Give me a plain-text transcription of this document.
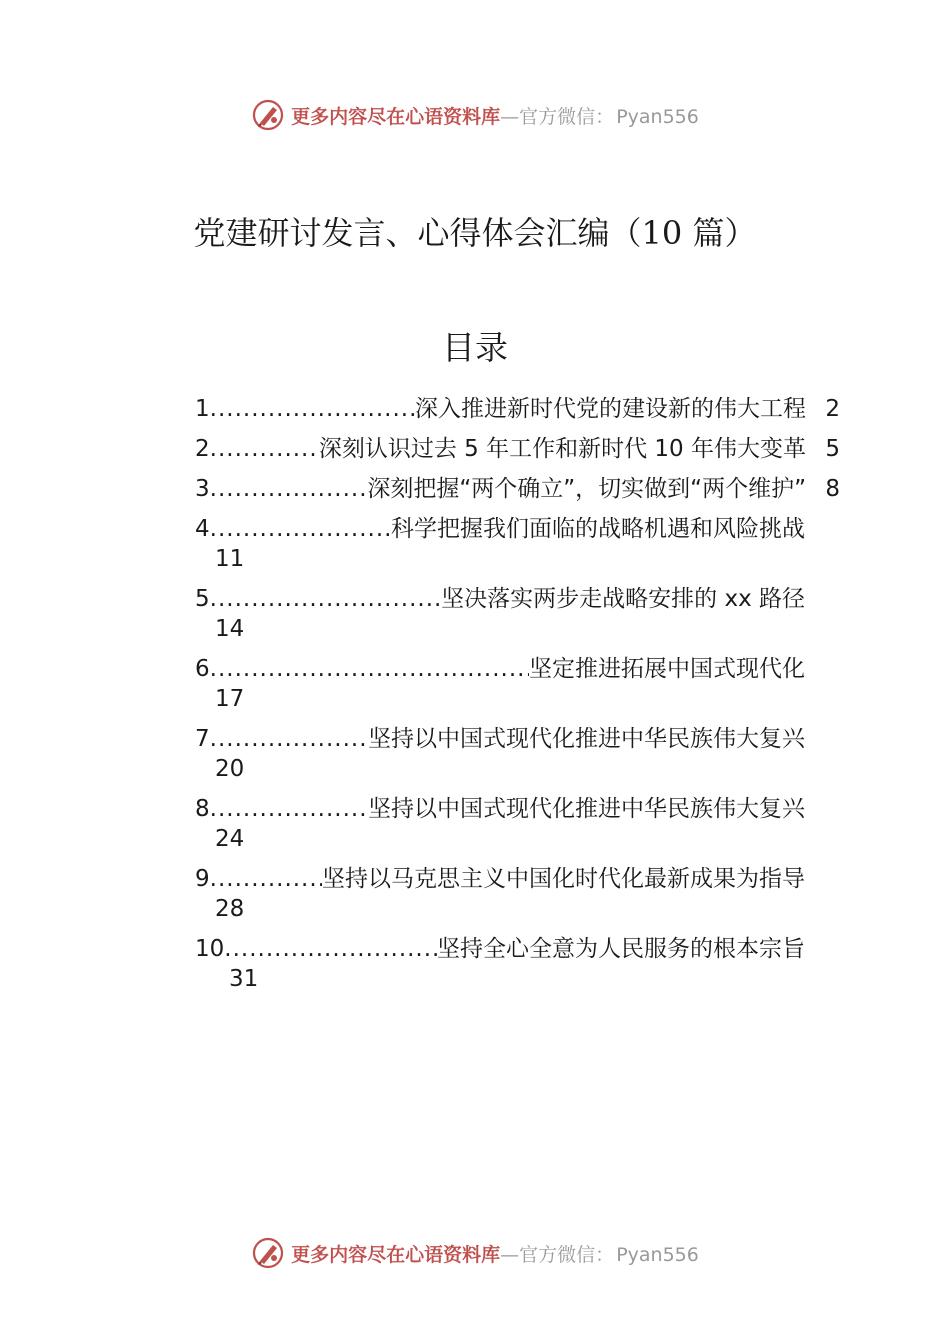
更多内容尽在心语资料库—官方微信： Pyan556
党建研讨发言、心得体会汇编（10 篇）
目录
1 .....	深入推进新时代党的建设新的伟大工程 2
2 .....	深刻认识过去 5 年工作和新时代 10 年伟大变革 5
3 .....	深刻把握“两个确立”，切实做到“两个维护” 8
4 .....	科学把握我们面临的战略机遇和风险挑战
11
5 .....	坚决落实两步走战略安排的 xx 路径
14
6 .....	坚定推进拓展中国式现代化
17
7 .....	坚持以中国式现代化推进中华民族伟大复兴
20
8 .....	坚持以中国式现代化推进中华民族伟大复兴
24
9 .....	坚持以马克思主义中国化时代化最新成果为指导
28
10 .....	坚持全心全意为人民服务的根本宗旨
31
更多内容尽在心语资料库—官方微信： Pyan556
